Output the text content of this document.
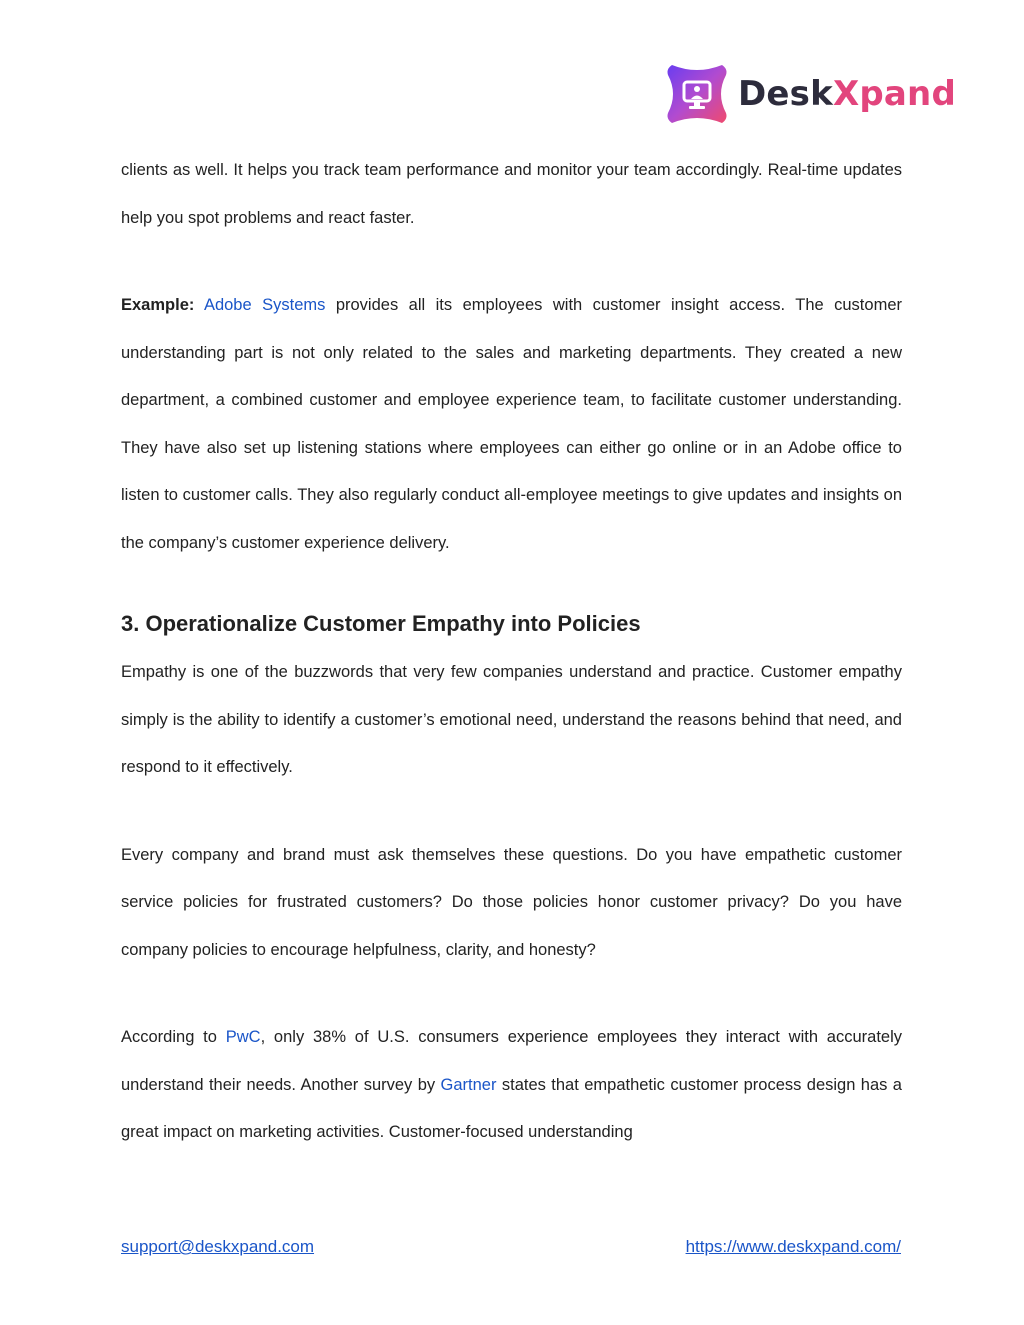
DeskXpand

clients as well. It helps you track team performance and monitor your team accordingly. Real-time updates help you spot problems and react faster.

Example: Adobe Systems provides all its employees with customer insight access. The customer understanding part is not only related to the sales and marketing departments. They created a new department, a combined customer and employee experience team, to facilitate customer understanding. They have also set up listening stations where employees can either go online or in an Adobe office to listen to customer calls. They also regularly conduct all-employee meetings to give updates and insights on the company’s customer experience delivery.

3. Operationalize Customer Empathy into Policies

Empathy is one of the buzzwords that very few companies understand and practice. Customer empathy simply is the ability to identify a customer’s emotional need, understand the reasons behind that need, and respond to it effectively.

Every company and brand must ask themselves these questions. Do you have empathetic customer service policies for frustrated customers? Do those policies honor customer privacy? Do you have company policies to encourage helpfulness, clarity, and honesty?

According to PwC, only 38% of U.S. consumers experience employees they interact with accurately understand their needs. Another survey by Gartner states that empathetic customer process design has a great impact on marketing activities. Customer-focused understanding

support@deskxpand.com	https://www.deskxpand.com/
